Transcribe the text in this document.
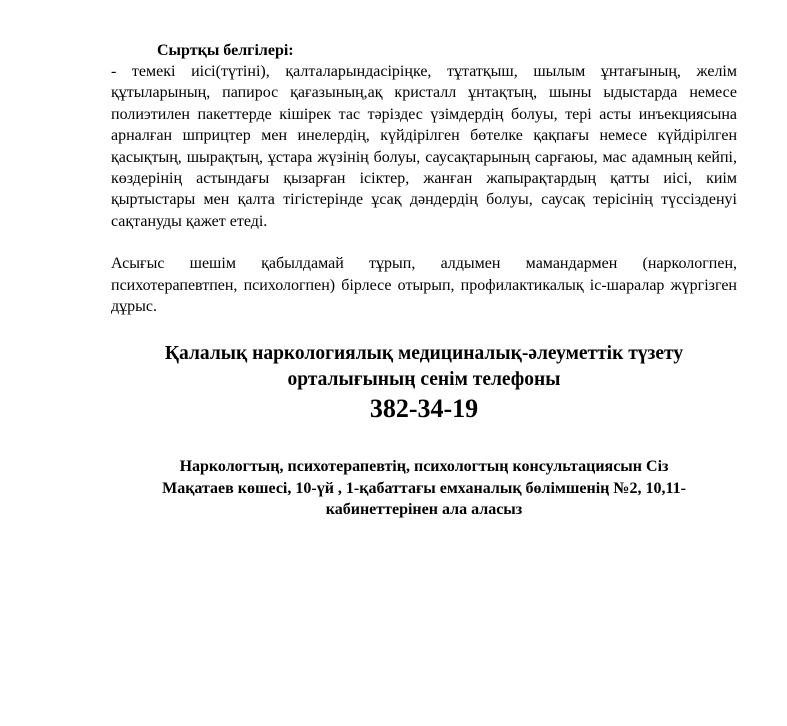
Сыртқы белгілері:

- темекі иісі(түтіні), қалталарындасіріңке, тұтатқыш, шылым ұнтағының, желім құтыларының, папирос қағазының,ақ кристалл ұнтақтың, шыны ыдыстарда немесе полиэтилен пакеттерде кішірек тас тәріздес үзімдердің болуы, тері асты инъекциясына арналған шприцтер мен инелердің, күйдірілген бөтелке қақпағы немесе күйдірілген қасықтың, шырақтың, ұстара жүзінің болуы, саусақтарының сарғаюы, мас адамның кейпі, көздерінің астындағы қызарған ісіктер, жанған жапырақтардың қатты иісі, киім қыртыстары мен қалта тігістерінде ұсақ дәндердің болуы, саусақ терісінің түссізденуі сақтануды қажет етеді.

Асығыс шешім қабылдамай тұрып, алдымен мамандармен (наркологпен, психотерапевтпен, психологпен) бірлесе отырып, профилактикалық іс-шаралар жүргізген дұрыс.

Қалалық наркологиялық медициналық-әлеуметтік түзету
орталығының сенім телефоны
382-34-19
Наркологтың, психотерапевтің, психологтың консультациясын Сіз
Мақатаев көшесі, 10-үй , 1-қабаттағы емханалық бөлімшенің №2, 10,11-
кабинеттерінен ала аласыз
